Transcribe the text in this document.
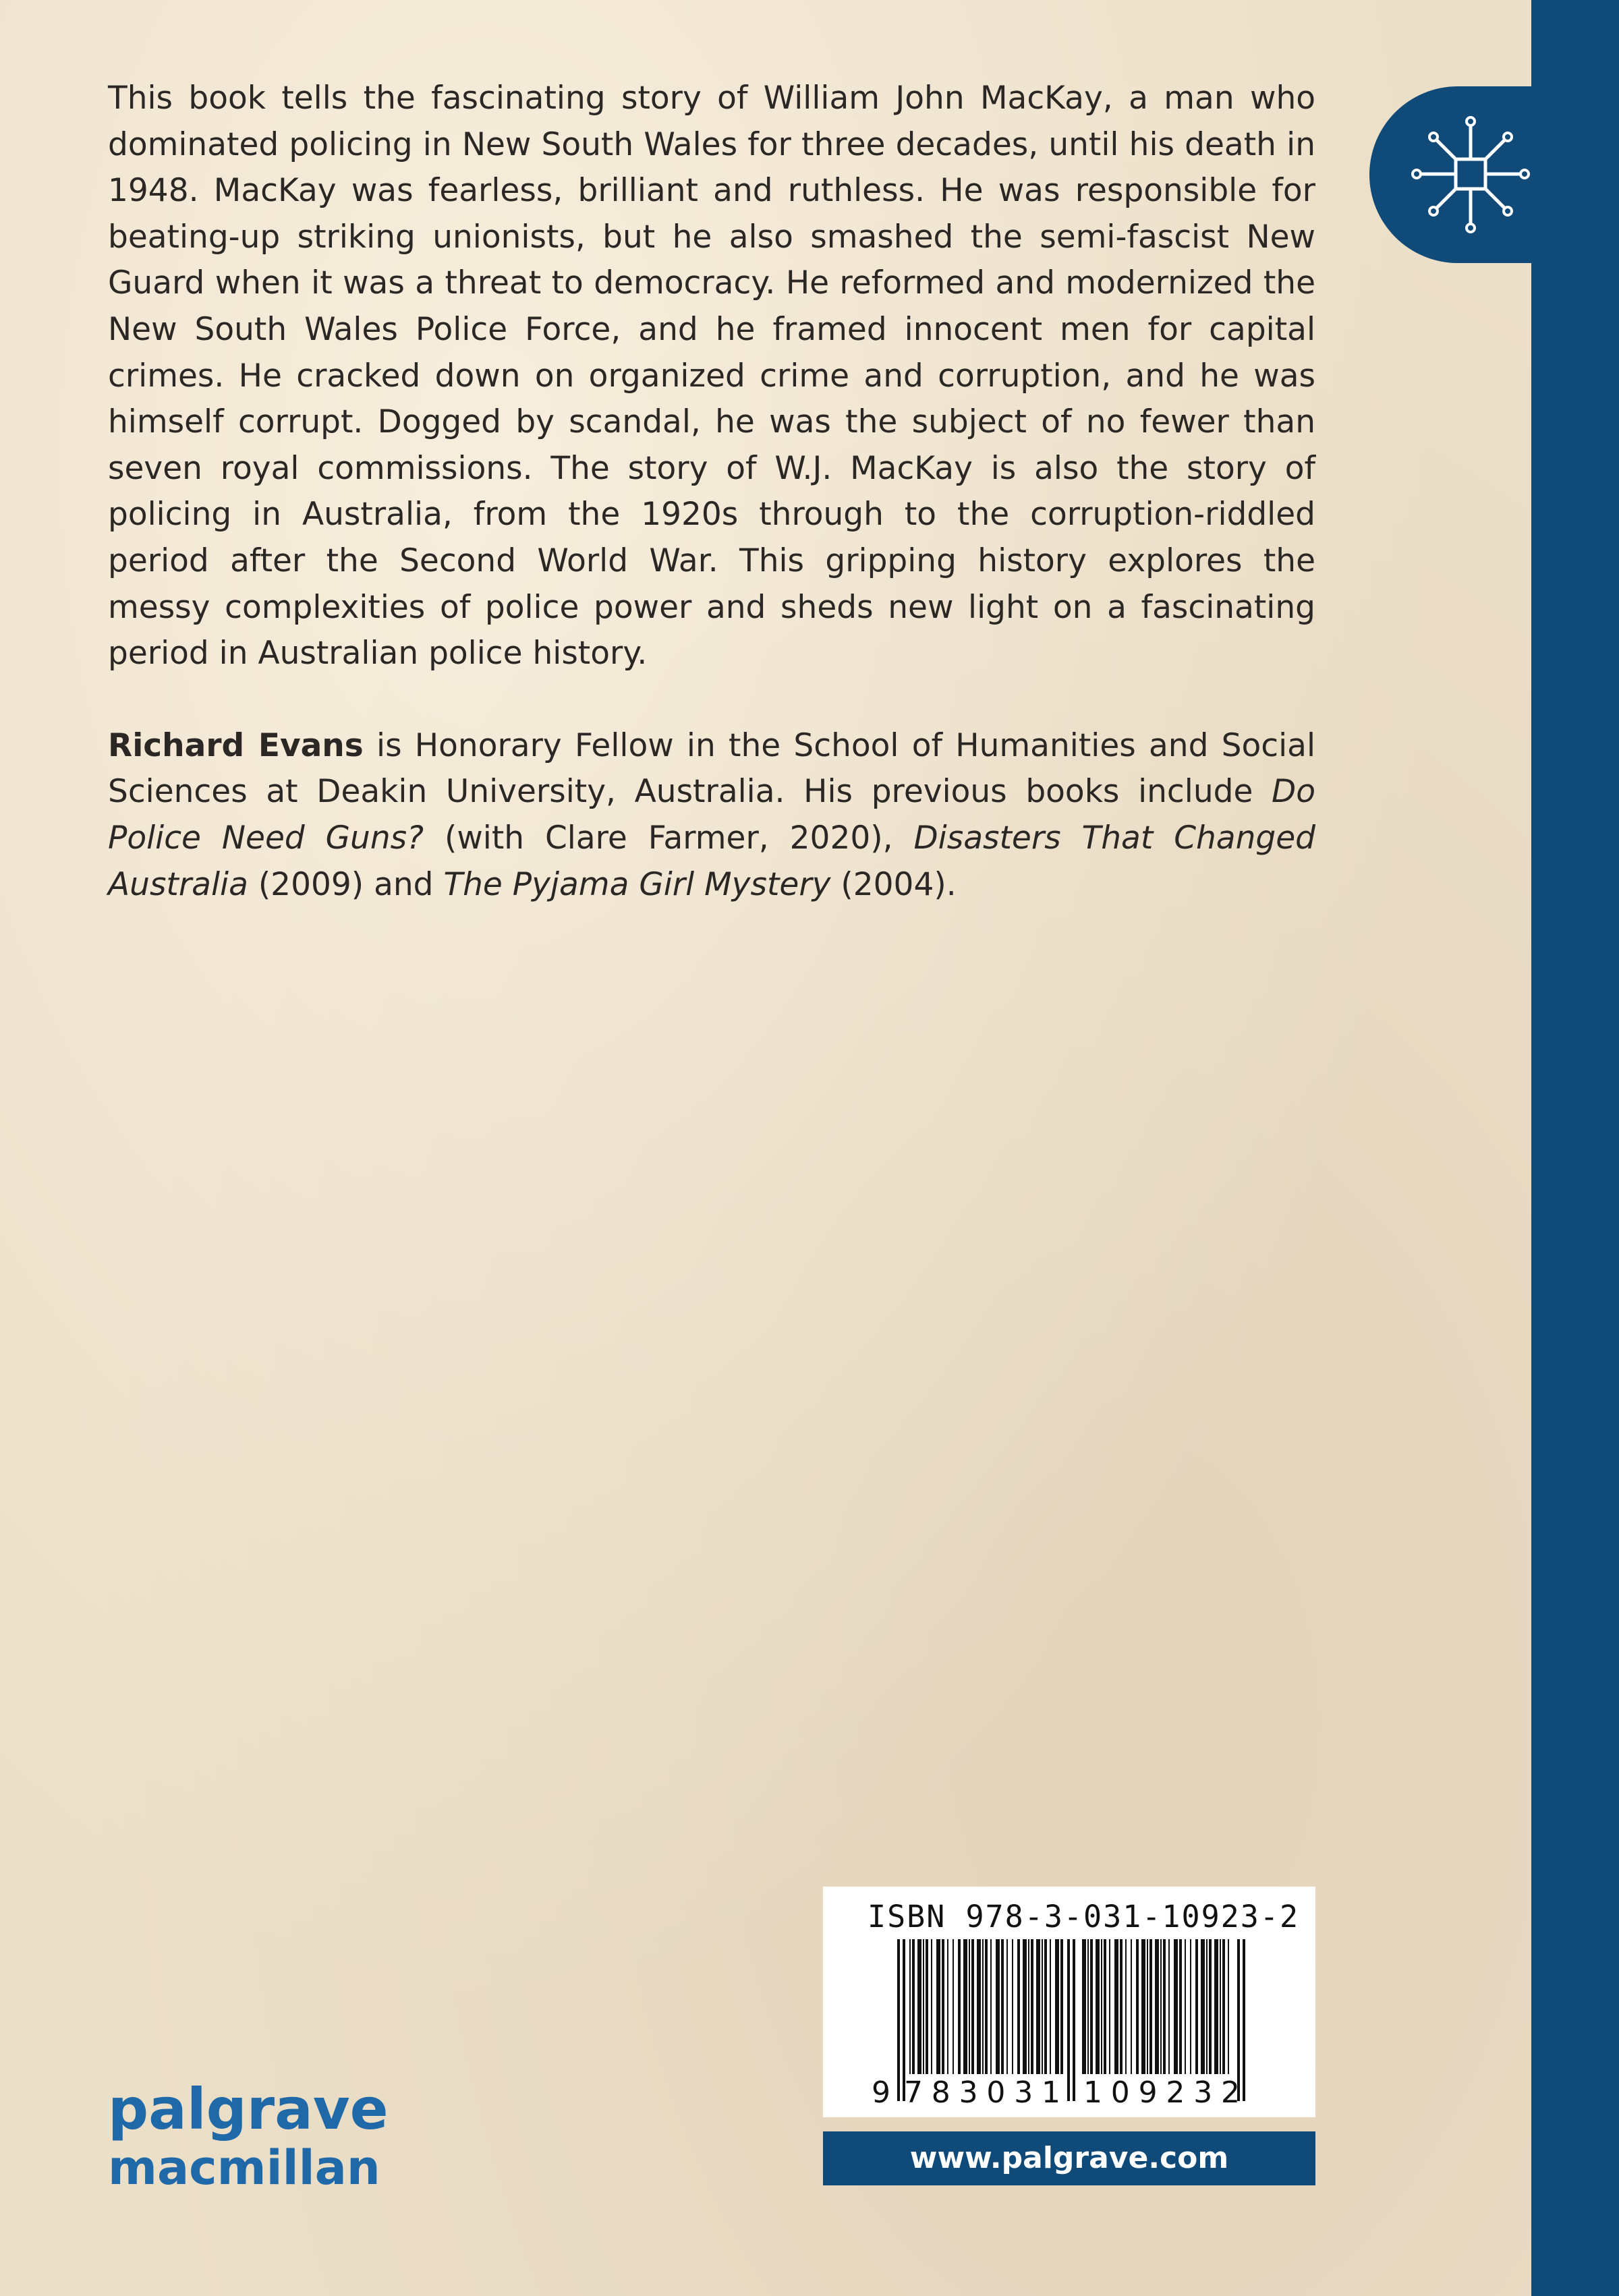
This book tells the fascinating story of William John MacKay, a man who dominated policing in New South Wales for three decades, until his death in 1948. MacKay was fearless, brilliant and ruthless. He was responsible for beating-up striking unionists, but he also smashed the semi-fascist New Guard when it was a threat to democracy. He reformed and modernized the New South Wales Police Force, and he framed innocent men for capital crimes. He cracked down on organized crime and corruption, and he was himself corrupt. Dogged by scandal, he was the subject of no fewer than seven royal commissions. The story of W.J. MacKay is also the story of policing in Australia, from the 1920s through to the corruption-riddled period after the Second World War. This gripping history explores the messy complexities of police power and sheds new light on a fascinating period in Australian police history.

Richard Evans is Honorary Fellow in the School of Humanities and Social Sciences at Deakin University, Australia. His previous books include Do Police Need Guns? (with Clare Farmer, 2020), Disasters That Changed Australia (2009) and The Pyjama Girl Mystery (2004).

ISBN 978-3-031-10923-2
9 783031 109232
www.palgrave.com
palgrave
macmillan
